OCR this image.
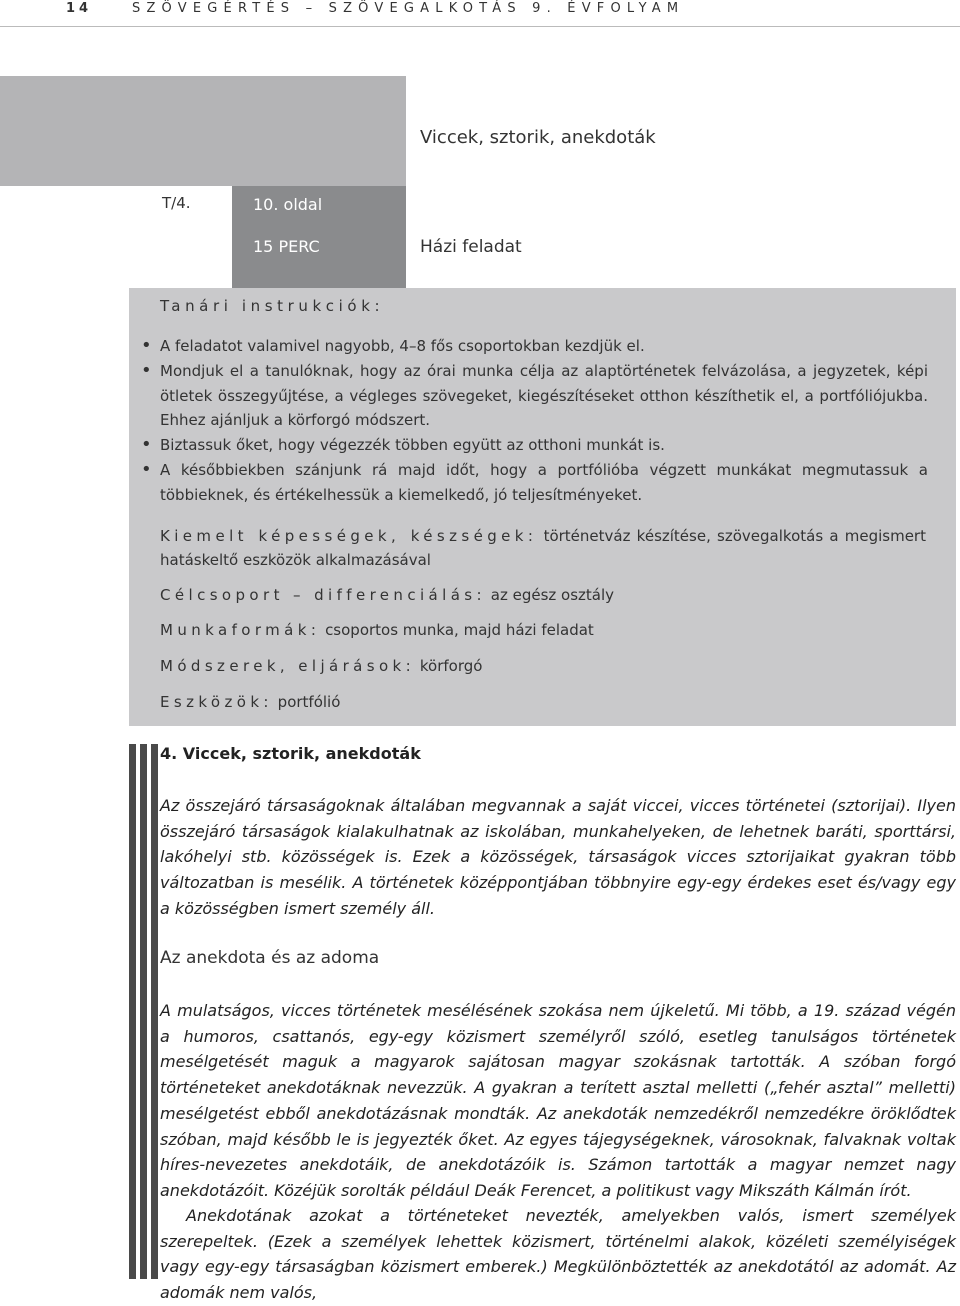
14	SZÖVEGÉRTÉS – SZÖVEGALKOTÁS 9. ÉVFOLYAM
Viccek, sztorik, anekdoták
T/4.	10. oldal
15 PERC	Házi feladat
Tanári instrukciók:
• A feladatot valamivel nagyobb, 4–8 fős csoportokban kezdjük el.
• Mondjuk el a tanulóknak, hogy az órai munka célja az alaptörténetek felvázolása, a jegyzetek, képi ötletek összegyűjtése, a végleges szövegeket, kiegészítéseket otthon készíthetik el, a portfóliójukba. Ehhez ajánljuk a körforgó módszert.
• Biztassuk őket, hogy végezzék többen együtt az otthoni munkát is.
• A későbbiekben szánjunk rá majd időt, hogy a portfólióba végzett munkákat megmutassuk a többieknek, és értékelhessük a kiemelkedő, jó teljesítményeket.
Kiemelt képességek, készségek: történetváz készítése, szövegalkotás a megismert hatáskeltő eszközök alkalmazásával
Célcsoport – differenciálás: az egész osztály
Munkaformák: csoportos munka, majd házi feladat
Módszerek, eljárások: körforgó
Eszközök: portfólió
4. Viccek, sztorik, anekdoták

Az összejáró társaságoknak általában megvannak a saját viccei, vicces történetei (sztorijai). Ilyen összejáró társaságok kialakulhatnak az iskolában, munkahelyeken, de lehetnek baráti, sporttársi, lakóhelyi stb. közösségek is. Ezek a közösségek, társaságok vicces sztorijaikat gyakran több változatban is mesélik. A történetek középpontjában többnyire egy-egy érdekes eset és/vagy egy a közösségben ismert személy áll.

Az anekdota és az adoma

A mulatságos, vicces történetek mesélésének szokása nem újkeletű. Mi több, a 19. század végén a humoros, csattanós, egy-egy közismert személyről szóló, esetleg tanulságos történetek mesélgetését maguk a magyarok sajátosan magyar szokásnak tartották. A szóban forgó történeteket anekdotáknak nevezzük. A gyakran a terített asztal melletti („fehér asztal” melletti) mesélgetést ebből anekdotázásnak mondták. Az anekdoták nemzedékről nemzedékre öröklődtek szóban, majd később le is jegyezték őket. Az egyes tájegységeknek, városoknak, falvaknak voltak híres-nevezetes anekdotáik, de anekdotázóik is. Számon tartották a magyar nemzet nagy anekdotázóit. Közéjük sorolták például Deák Ferencet, a politikust vagy Mikszáth Kálmán írót.

Anekdotának azokat a történeteket nevezték, amelyekben valós, ismert személyek szerepeltek. (Ezek a személyek lehettek közismert, történelmi alakok, közéleti személyiségek vagy egy-egy társaságban közismert emberek.) Megkülönböztették az anekdotától az adomát. Az adomák nem valós,
